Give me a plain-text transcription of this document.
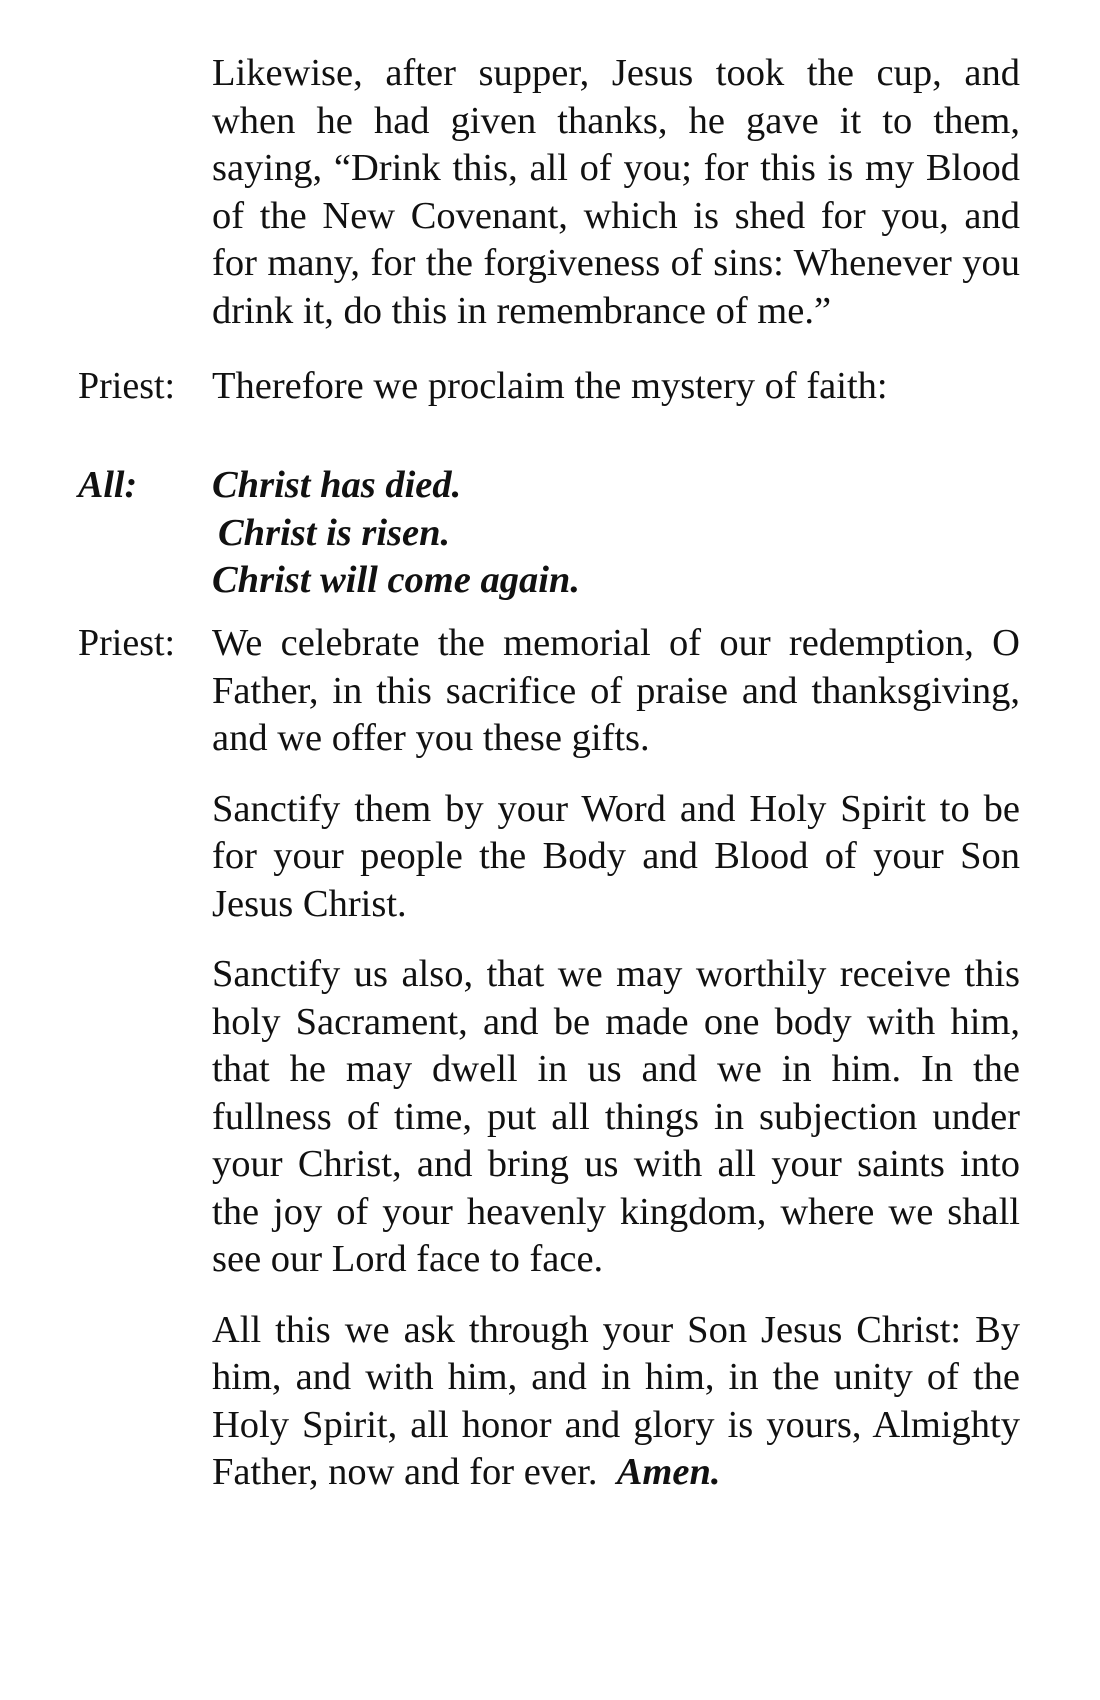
Likewise, after supper, Jesus took the cup, and when he had given thanks, he gave it to them, saying, “Drink this, all of you; for this is my Blood of the New Covenant, which is shed for you, and for many, for the forgiveness of sins: Whenever you drink it, do this in remembrance of me.”
Priest: Therefore we proclaim the mystery of faith:
All:	Christ has died.
Christ is risen.
Christ will come again.
Priest: We celebrate the memorial of our redemption, O Father, in this sacrifice of praise and thanksgiving, and we offer you these gifts.
Sanctify them by your Word and Holy Spirit to be for your people the Body and Blood of your Son Jesus Christ.
Sanctify us also, that we may worthily receive this holy Sacrament, and be made one body with him, that he may dwell in us and we in him. In the fullness of time, put all things in subjection under your Christ, and bring us with all your saints into the joy of your heavenly kingdom, where we shall see our Lord face to face.
All this we ask through your Son Jesus Christ: By him, and with him, and in him, in the unity of the Holy Spirit, all honor and glory is yours, Almighty Father, now and for ever. Amen.
